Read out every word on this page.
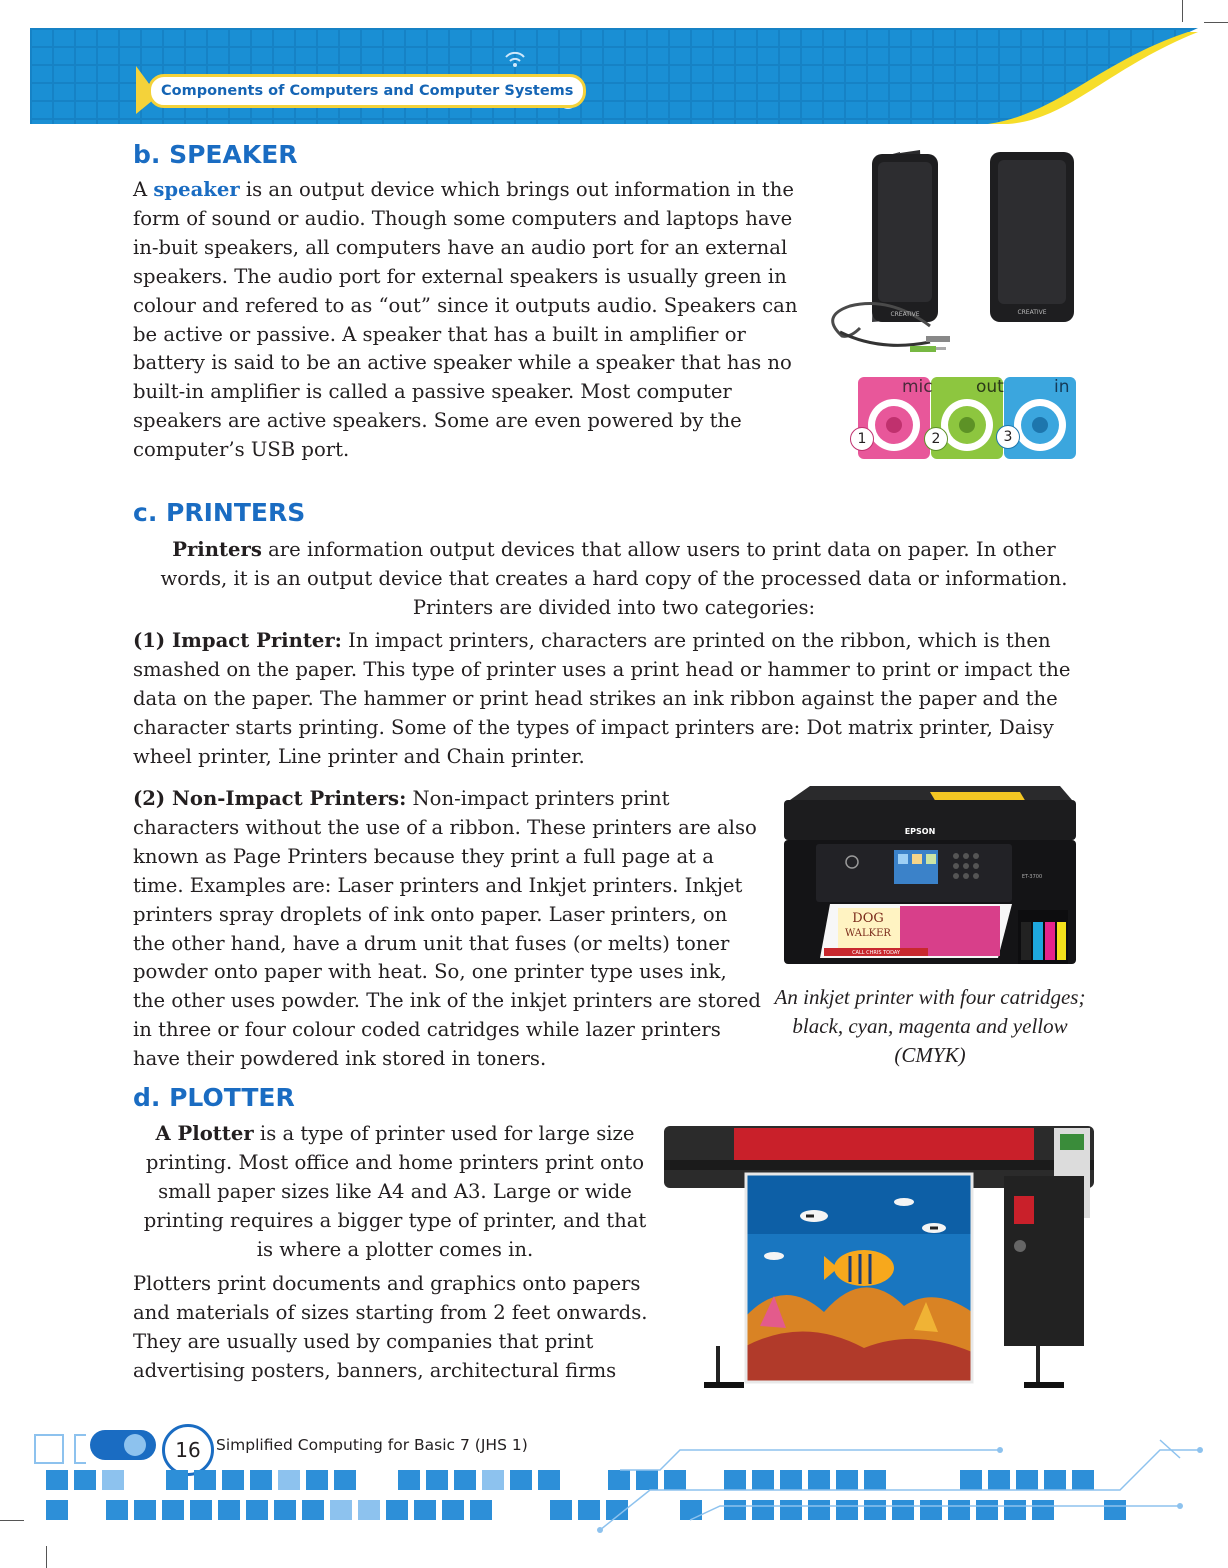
Components of Computers and Computer Systems
b. SPEAKER

A speaker is an output device which brings out information in the form of sound or audio. Though some computers and laptops have in-buit speakers, all computers have an audio port for an external speakers. The audio port for external speakers is usually green in colour and refered to as “out” since it outputs audio. Speakers can be active or passive. A speaker that has a built in amplifier or battery is said to be an active speaker while a speaker that has no built-in amplifier is called a passive speaker. Most computer speakers are active speakers. Some are even powered by the computer’s USB port.

CREATIVE
CREATIVE
mic	out	in
1	2	3
c. PRINTERS

Printers are information output devices that allow users to print data on paper. In other words, it is an output device that creates a hard copy of the processed data or information. Printers are divided into two categories:

(1) Impact Printer: In impact printers, characters are printed on the ribbon, which is then smashed on the paper. This type of printer uses a print head or hammer to print or impact the data on the paper. The hammer or print head strikes an ink ribbon against the paper and the character starts printing. Some of the types of impact printers are: Dot matrix printer, Daisy wheel printer, Line printer and Chain printer.

(2) Non-Impact Printers: Non-impact printers print characters without the use of a ribbon. These printers are also known as Page Printers because they print a full page at a time. Examples are: Laser printers and Inkjet printers. Inkjet printers spray droplets of ink onto paper. Laser printers, on the other hand, have a drum unit that fuses (or melts) toner powder onto paper with heat. So, one printer type uses ink, the other uses powder. The ink of the inkjet printers are stored in three or four colour coded catridges while lazer printers have their powdered ink stored in toners.

EPSON
ET-3700
DOG
WALKER
CALL CHRIS TODAY
An inkjet printer with four catridges; black, cyan, magenta and yellow (CMYK)
d. PLOTTER

A Plotter is a type of printer used for large size printing. Most office and home printers print onto small paper sizes like A4 and A3. Large or wide printing requires a bigger type of printer, and that is where a plotter comes in.

Plotters print documents and graphics onto papers and materials of sizes starting from 2 feet onwards. They are usually used by companies that print advertising posters, banners, architectural firms

16 Simplified Computing for Basic 7 (JHS 1)
